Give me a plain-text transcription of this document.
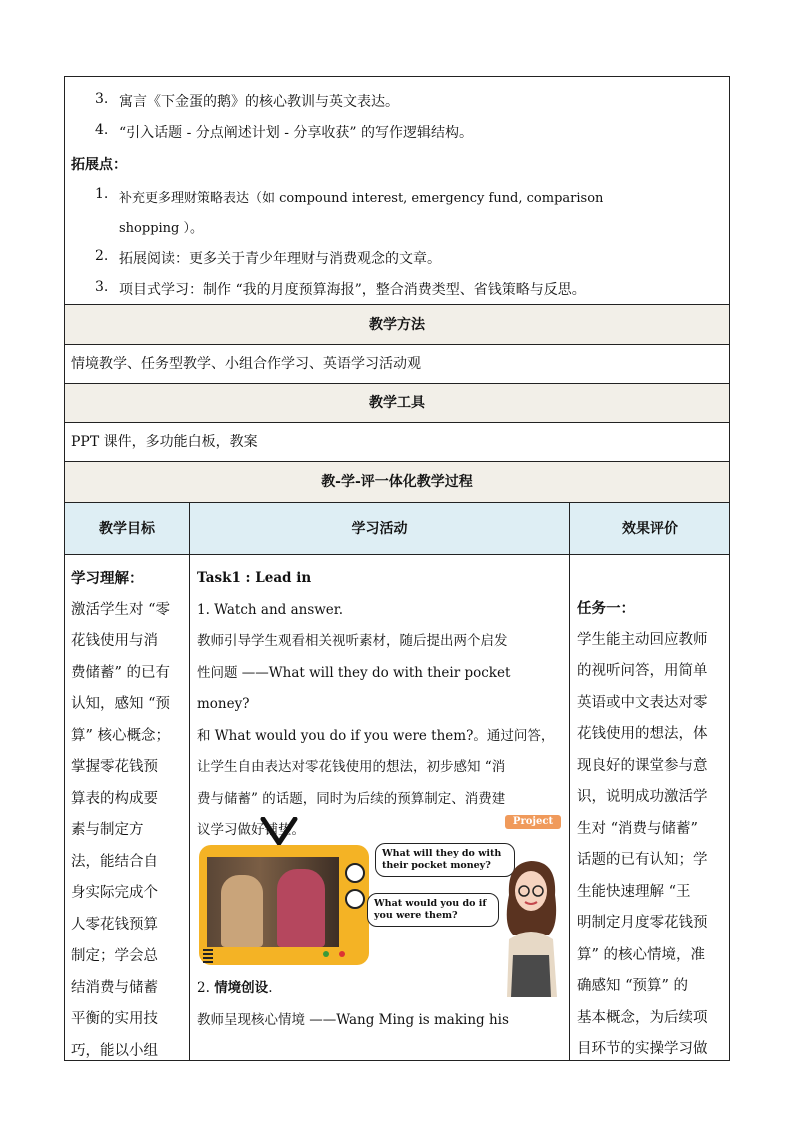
3. 寓言《下金蛋的鹅》的核心教训与英文表达。
4. “引入话题 - 分点阐述计划 - 分享收获” 的写作逻辑结构。
拓展点：
1. 补充更多理财策略表达（如 compound interest, emergency fund, comparison
shopping ）。
2. 拓展阅读：更多关于青少年理财与消费观念的文章。
3. 项目式学习：制作 “我的月度预算海报”，整合消费类型、省钱策略与反思。
教学方法
情境教学、任务型教学、小组合作学习、英语学习活动观
教学工具
PPT 课件，多功能白板，教案
教-学-评一体化教学过程
教学目标	学习活动	效果评价

学习理解：

激活学生对 “零

花钱使用与消

费储蓄” 的已有

认知，感知 “预

算” 核心概念；

掌握零花钱预

算表的构成要

素与制定方

法，能结合自

身实际完成个

人零花钱预算

制定；学会总

结消费与储蓄

平衡的实用技

巧，能以小组

Task1 : Lead in

1. Watch and answer.

教师引导学生观看相关视听素材，随后提出两个启发

性问题 ——What will they do with their pocket money?

和 What would you do if you were them?。通过问答，

让学生自由表达对零花钱使用的想法，初步感知 “消

费与储蓄” 的话题，同时为后续的预算制定、消费建

议学习做好铺垫。

2. 情境创设.

教师呈现核心情境 ——Wang Ming is making his

任务一：

学生能主动回应教师

的视听问答，用简单

英语或中文表达对零

花钱使用的想法，体

现良好的课堂参与意

识，说明成功激活学

生对 “消费与储蓄”

话题的已有认知；学

生能快速理解 “王

明制定月度零花钱预

算” 的核心情境，准

确感知 “预算” 的

基本概念，为后续项

目环节的实操学习做

Project
What will they do with their pocket money?
What would you do if you were them?
